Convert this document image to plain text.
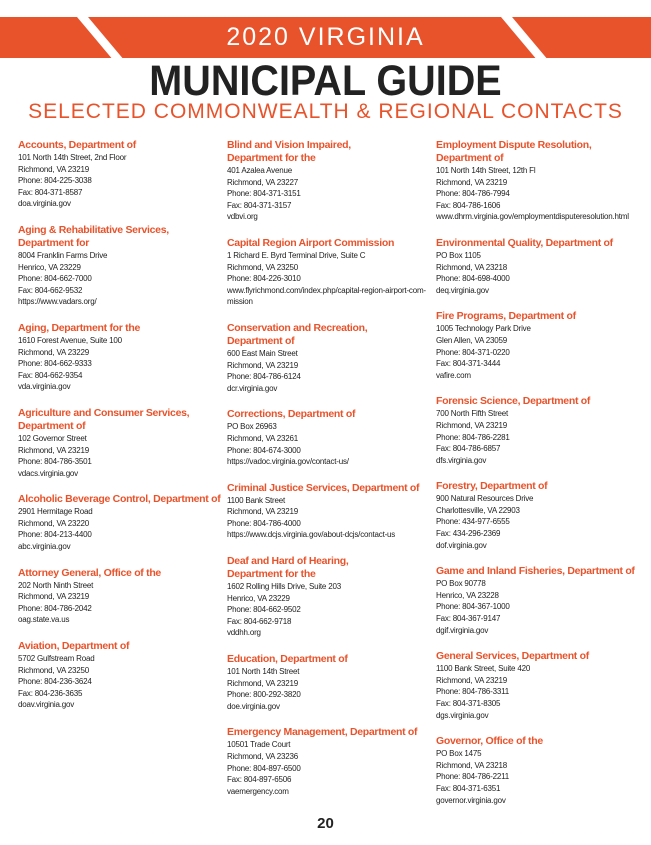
2020 VIRGINIA
MUNICIPAL GUIDE
SELECTED COMMONWEALTH & REGIONAL CONTACTS
Accounts, Department of
101 North 14th Street, 2nd Floor
Richmond, VA 23219
Phone: 804-225-3038
Fax: 804-371-8587
doa.virginia.gov
Aging & Rehabilitative Services,
Department for
8004 Franklin Farms Drive
Henrico, VA 23229
Phone: 804-662-7000
Fax: 804-662-9532
https://www.vadars.org/
Aging, Department for the
1610 Forest Avenue, Suite 100
Richmond, VA 23229
Phone: 804-662-9333
Fax: 804-662-9354
vda.virginia.gov
Agriculture and Consumer Services,
Department of
102 Governor Street
Richmond, VA 23219
Phone: 804-786-3501
vdacs.virginia.gov
Alcoholic Beverage Control, Department of
2901 Hermitage Road
Richmond, VA 23220
Phone: 804-213-4400
abc.virginia.gov
Attorney General, Office of the
202 North Ninth Street
Richmond, VA 23219
Phone: 804-786-2042
oag.state.va.us
Aviation, Department of
5702 Gulfstream Road
Richmond, VA 23250
Phone: 804-236-3624
Fax: 804-236-3635
doav.virginia.gov
Blind and Vision Impaired,
Department for the
401 Azalea Avenue
Richmond, VA 23227
Phone: 804-371-3151
Fax: 804-371-3157
vdbvi.org
Capital Region Airport Commission
1 Richard E. Byrd Terminal Drive, Suite C
Richmond, VA 23250
Phone: 804-226-3010
www.flyrichmond.com/index.php/capital-region-airport-com-
mission
Conservation and Recreation,
Department of
600 East Main Street
Richmond, VA 23219
Phone: 804-786-6124
dcr.virginia.gov
Corrections, Department of
PO Box 26963
Richmond, VA 23261
Phone: 804-674-3000
https://vadoc.virginia.gov/contact-us/
Criminal Justice Services, Department of
1100 Bank Street
Richmond, VA 23219
Phone: 804-786-4000
https://www.dcjs.virginia.gov/about-dcjs/contact-us
Deaf and Hard of Hearing,
Department for the
1602 Rolling Hills Drive, Suite 203
Henrico, VA 23229
Phone: 804-662-9502
Fax: 804-662-9718
vddhh.org
Education, Department of
101 North 14th Street
Richmond, VA 23219
Phone: 800-292-3820
doe.virginia.gov
Emergency Management, Department of
10501 Trade Court
Richmond, VA 23236
Phone: 804-897-6500
Fax: 804-897-6506
vaemergency.com
Employment Dispute Resolution,
Department of
101 North 14th Street, 12th Fl
Richmond, VA 23219
Phone: 804-786-7994
Fax: 804-786-1606
www.dhrm.virginia.gov/employmentdisputeresolution.html
Environmental Quality, Department of
PO Box 1105
Richmond, VA 23218
Phone: 804-698-4000
deq.virginia.gov
Fire Programs, Department of
1005 Technology Park Drive
Glen Allen, VA 23059
Phone: 804-371-0220
Fax: 804-371-3444
vafire.com
Forensic Science, Department of
700 North Fifth Street
Richmond, VA 23219
Phone: 804-786-2281
Fax: 804-786-6857
dfs.virginia.gov
Forestry, Department of
900 Natural Resources Drive
Charlottesville, VA 22903
Phone: 434-977-6555
Fax: 434-296-2369
dof.virginia.gov
Game and Inland Fisheries, Department of
PO Box 90778
Henrico, VA 23228
Phone: 804-367-1000
Fax: 804-367-9147
dgif.virginia.gov
General Services, Department of
1100 Bank Street, Suite 420
Richmond, VA 23219
Phone: 804-786-3311
Fax: 804-371-8305
dgs.virginia.gov
Governor, Office of the
PO Box 1475
Richmond, VA 23218
Phone: 804-786-2211
Fax: 804-371-6351
governor.virginia.gov
20
